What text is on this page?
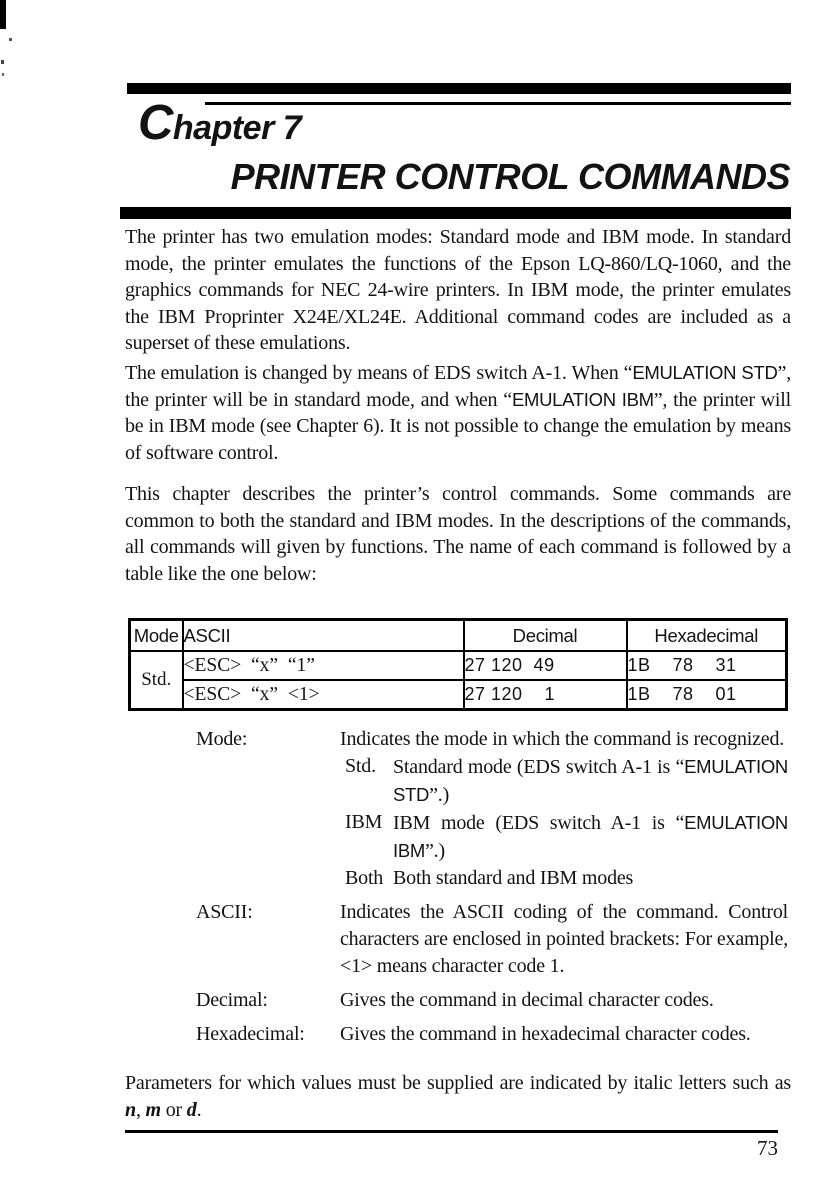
Chapter 7
PRINTER CONTROL COMMANDS

The printer has two emulation modes: Standard mode and IBM mode. In standard mode, the printer emulates the functions of the Epson LQ-860/LQ-1060, and the graphics commands for NEC 24-wire printers. In IBM mode, the printer emulates the IBM Proprinter X24E/XL24E. Additional command codes are included as a superset of these emulations.

The emulation is changed by means of EDS switch A-1. When “EMULATION STD”, the printer will be in standard mode, and when “EMULATION IBM”, the printer will be in IBM mode (see Chapter 6). It is not possible to change the emulation by means of software control.

This chapter describes the printer’s control commands. Some commands are common to both the standard and IBM modes. In the descriptions of the commands, all commands will given by functions. The name of each command is followed by a table like the one below:

Mode	ASCII	Decimal	Hexadecimal
Std.	<ESC>  “x”  “1”	27 120  49	1B    78    31
	<ESC>  “x”  <1>	27 120    1	1B    78    01
Mode:	Indicates the mode in which the command is recognized.
Std. Standard mode (EDS switch A-1 is “EMULATION STD”.)
IBM IBM mode (EDS switch A-1 is “EMULATION IBM”.)
Both Both standard and IBM modes
ASCII:	Indicates the ASCII coding of the command. Control characters are enclosed in pointed brackets: For example, <1> means character code 1.
Decimal:	Gives the command in decimal character codes.
Hexadecimal:	Gives the command in hexadecimal character codes.

Parameters for which values must be supplied are indicated by italic letters such as n, m or d.

73
